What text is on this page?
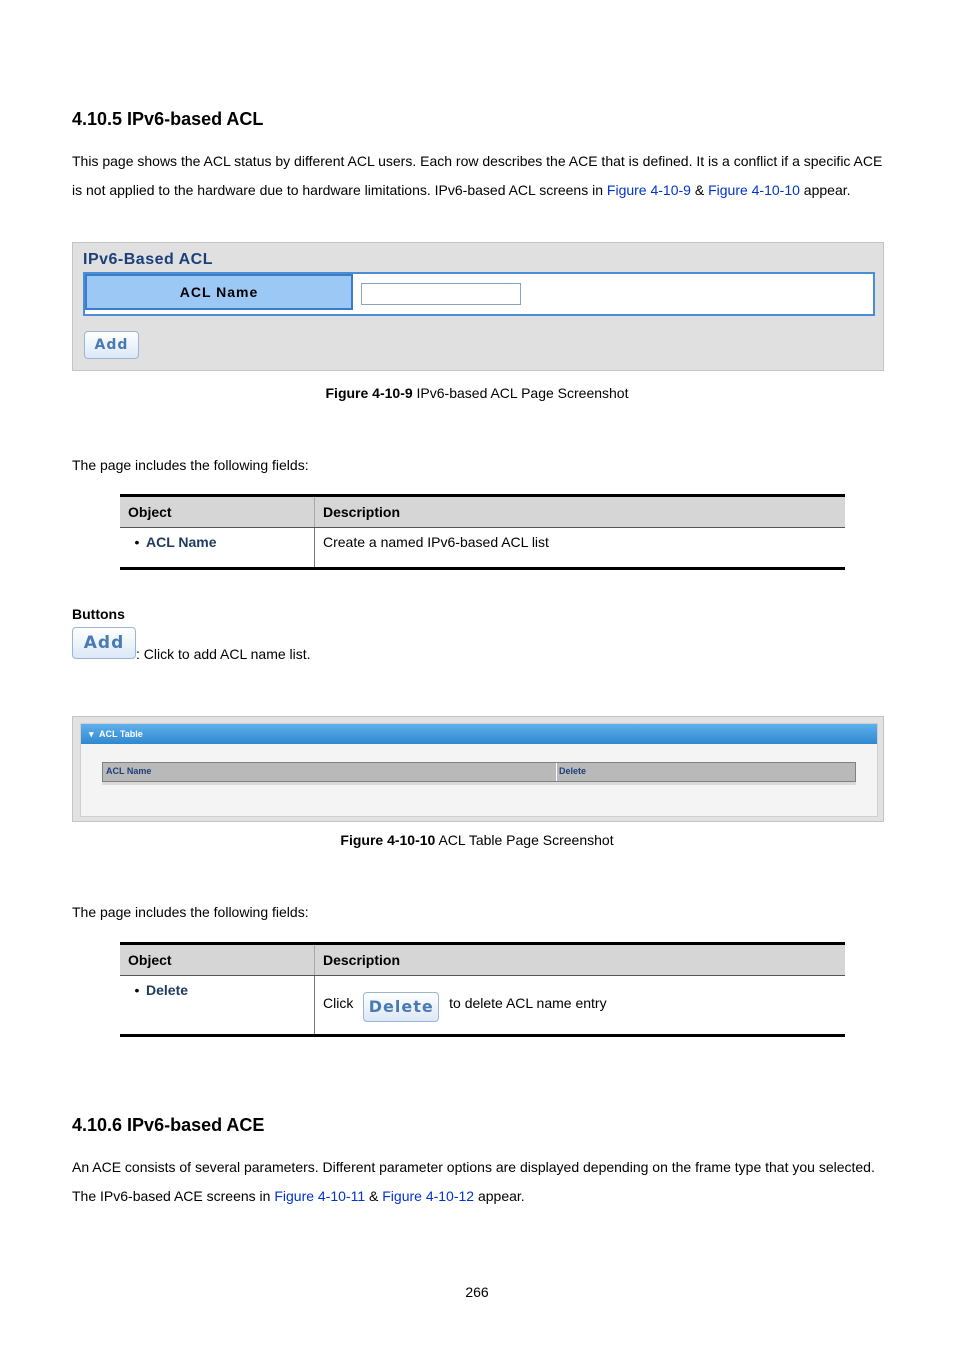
4.10.5 IPv6-based ACL
This page shows the ACL status by different ACL users. Each row describes the ACE that is defined. It is a conflict if a specific ACE is not applied to the hardware due to hardware limitations. IPv6-based ACL screens in Figure 4-10-9 & Figure 4-10-10 appear.
IPv6-Based ACL
ACL Name
Add
Figure 4-10-9 IPv6-based ACL Page Screenshot
The page includes the following fields:
Object	Description
• ACL Name	Create a named IPv6-based ACL list
Buttons
Add
: Click to add ACL name list.
▾ ACL Table
ACL Name	Delete
Figure 4-10-10 ACL Table Page Screenshot
The page includes the following fields:
Object	Description
• Delete	Click Delete to delete ACL name entry
4.10.6 IPv6-based ACE
An ACE consists of several parameters. Different parameter options are displayed depending on the frame type that you selected. The IPv6-based ACE screens in Figure 4-10-11 & Figure 4-10-12 appear.
266
